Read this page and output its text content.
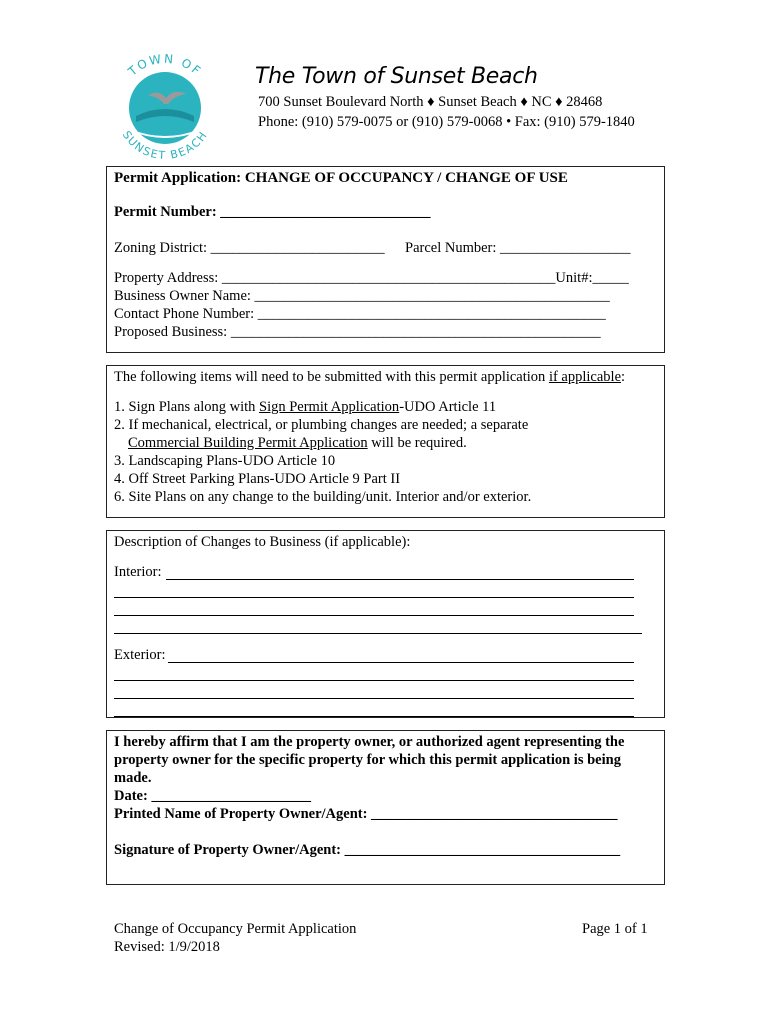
TOWN OF
SUNSET BEACH
The Town of Sunset Beach
700 Sunset Boulevard North ♦ Sunset Beach ♦ NC ♦ 28468
Phone: (910) 579-0075 or (910) 579-0068 • Fax: (910) 579-1840
Permit Application: CHANGE OF OCCUPANCY / CHANGE OF USE
Permit Number: _____________________________
Zoning District: ________________________ Parcel Number: __________________
Property Address: ______________________________________________Unit#:_____
Business Owner Name: _________________________________________________
Contact Phone Number: ________________________________________________
Proposed Business: ___________________________________________________
The following items will need to be submitted with this permit application if applicable:
1. Sign Plans along with Sign Permit Application-UDO Article 11
2. If mechanical, electrical, or plumbing changes are needed; a separate
Commercial Building Permit Application will be required.
3. Landscaping Plans-UDO Article 10
4. Off Street Parking Plans-UDO Article 9 Part II
6. Site Plans on any change to the building/unit. Interior and/or exterior.
Description of Changes to Business (if applicable):
Interior:
Exterior:
I hereby affirm that I am the property owner, or authorized agent representing the
property owner for the specific property for which this permit application is being
made.
Date: ______________________
Printed Name of Property Owner/Agent: __________________________________
Signature of Property Owner/Agent: ______________________________________
Change of Occupancy Permit Application
Revised: 1/9/2018
Page 1 of 1
